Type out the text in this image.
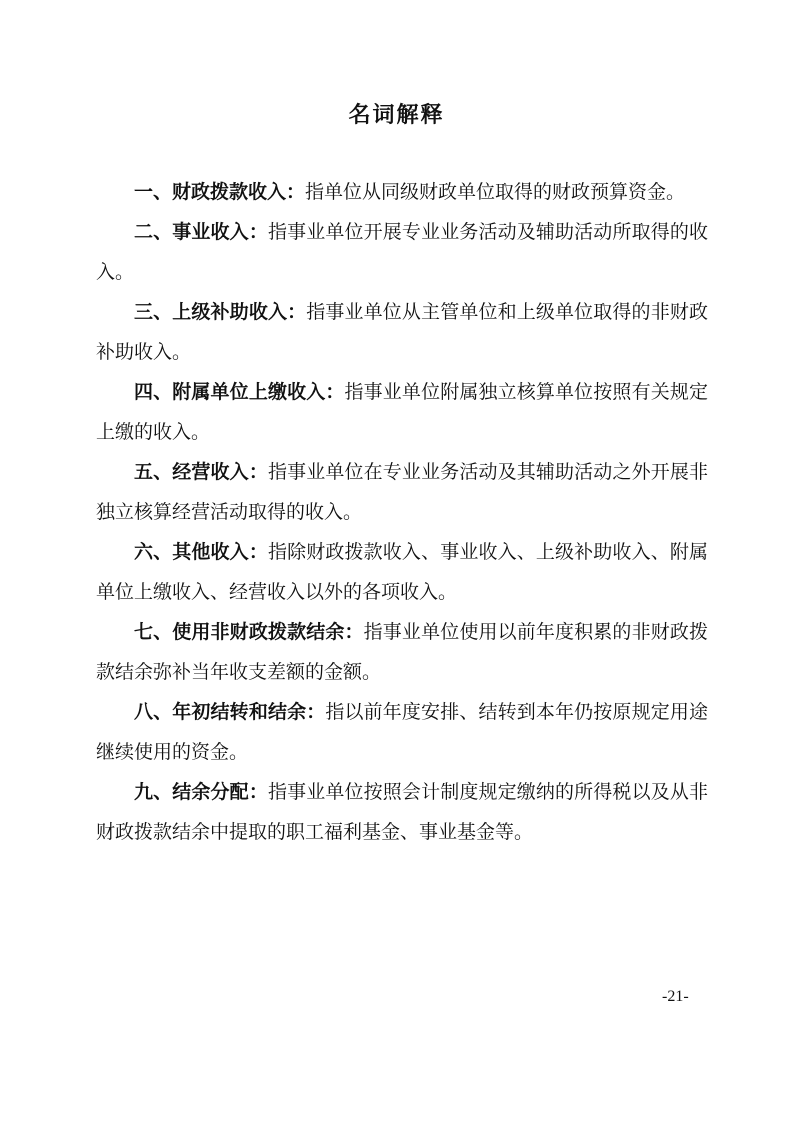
名词解释

一、财政拨款收入：指单位从同级财政单位取得的财政预算资金。

二、事业收入：指事业单位开展专业业务活动及辅助活动所取得的收入。

三、上级补助收入：指事业单位从主管单位和上级单位取得的非财政补助收入。

四、附属单位上缴收入：指事业单位附属独立核算单位按照有关规定上缴的收入。

五、经营收入：指事业单位在专业业务活动及其辅助活动之外开展非独立核算经营活动取得的收入。

六、其他收入：指除财政拨款收入、事业收入、上级补助收入、附属单位上缴收入、经营收入以外的各项收入。

七、使用非财政拨款结余：指事业单位使用以前年度积累的非财政拨款结余弥补当年收支差额的金额。

八、年初结转和结余：指以前年度安排、结转到本年仍按原规定用途继续使用的资金。

九、结余分配：指事业单位按照会计制度规定缴纳的所得税以及从非财政拨款结余中提取的职工福利基金、事业基金等。

-21-
